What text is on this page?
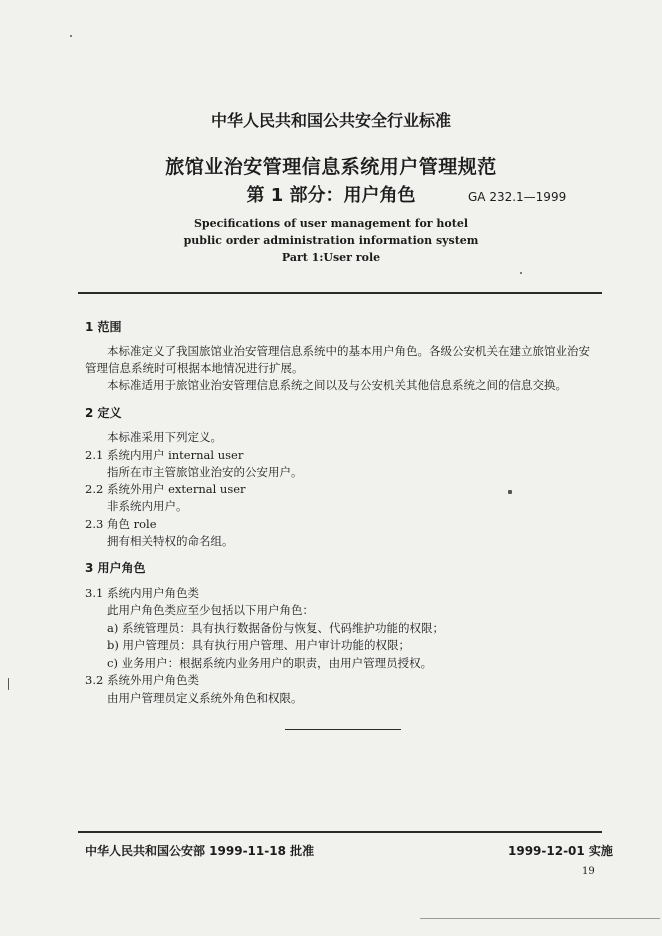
中华人民共和国公共安全行业标准
旅馆业治安管理信息系统用户管理规范
第 1 部分：用户角色	GA 232.1—1999
Specifications of user management for hotel
public order administration information system
Part 1:User role
1 范围
本标准定义了我国旅馆业治安管理信息系统中的基本用户角色。各级公安机关在建立旅馆业治安
管理信息系统时可根据本地情况进行扩展。
本标准适用于旅馆业治安管理信息系统之间以及与公安机关其他信息系统之间的信息交换。
2 定义
本标准采用下列定义。
2.1 系统内用户 internal user
指所在市主管旅馆业治安的公安用户。
2.2 系统外用户 external user
非系统内用户。
2.3 角色 role
拥有相关特权的命名组。
3 用户角色
3.1 系统内用户角色类
此用户角色类应至少包括以下用户角色：
a) 系统管理员：具有执行数据备份与恢复、代码维护功能的权限；
b) 用户管理员：具有执行用户管理、用户审计功能的权限；
c) 业务用户：根据系统内业务用户的职责，由用户管理员授权。
3.2 系统外用户角色类
由用户管理员定义系统外角色和权限。
中华人民共和国公安部 1999-11-18 批准	1999-12-01 实施
19
